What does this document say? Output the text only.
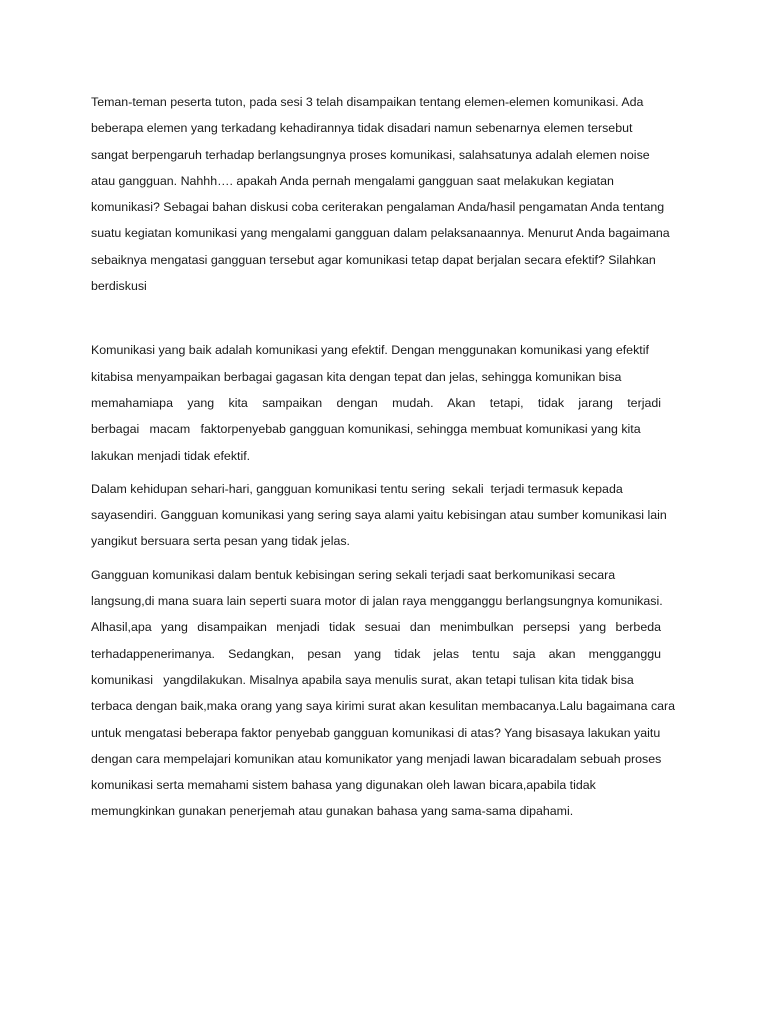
Teman-teman peserta tuton, pada sesi 3 telah disampaikan tentang elemen-elemen komunikasi. Ada
beberapa elemen yang terkadang kehadirannya tidak disadari namun sebenarnya elemen tersebut
sangat berpengaruh terhadap berlangsungnya proses komunikasi, salahsatunya adalah elemen noise
atau gangguan. Nahhh…. apakah Anda pernah mengalami gangguan saat melakukan kegiatan
komunikasi? Sebagai bahan diskusi coba ceriterakan pengalaman Anda/hasil pengamatan Anda tentang
suatu kegiatan komunikasi yang mengalami gangguan dalam pelaksanaannya. Menurut Anda bagaimana
sebaiknya mengatasi gangguan tersebut agar komunikasi tetap dapat berjalan secara efektif? Silahkan
berdiskusi
Komunikasi yang baik adalah komunikasi yang efektif. Dengan menggunakan komunikasi yang efektif
kitabisa menyampaikan berbagai gagasan kita dengan tepat dan jelas, sehingga komunikan bisa
memahamiapa yang kita sampaikan dengan mudah. Akan tetapi, tidak jarang terjadi
berbagai   macam   faktorpenyebab gangguan komunikasi, sehingga membuat komunikasi yang kita
lakukan menjadi tidak efektif.
Dalam kehidupan sehari-hari, gangguan komunikasi tentu sering  sekali  terjadi termasuk kepada
sayasendiri. Gangguan komunikasi yang sering saya alami yaitu kebisingan atau sumber komunikasi lain
yangikut bersuara serta pesan yang tidak jelas.
Gangguan komunikasi dalam bentuk kebisingan sering sekali terjadi saat berkomunikasi secara
langsung,di mana suara lain seperti suara motor di jalan raya mengganggu berlangsungnya komunikasi.
Alhasil,apa yang disampaikan menjadi tidak sesuai dan menimbulkan persepsi yang berbeda
terhadappenerimanya. Sedangkan, pesan yang tidak jelas tentu saja akan mengganggu
komunikasi   yangdilakukan. Misalnya apabila saya menulis surat, akan tetapi tulisan kita tidak bisa
terbaca dengan baik,maka orang yang saya kirimi surat akan kesulitan membacanya.Lalu bagaimana cara
untuk mengatasi beberapa faktor penyebab gangguan komunikasi di atas? Yang bisasaya lakukan yaitu
dengan cara mempelajari komunikan atau komunikator yang menjadi lawan bicaradalam sebuah proses
komunikasi serta memahami sistem bahasa yang digunakan oleh lawan bicara,apabila tidak
memungkinkan gunakan penerjemah atau gunakan bahasa yang sama-sama dipahami.
